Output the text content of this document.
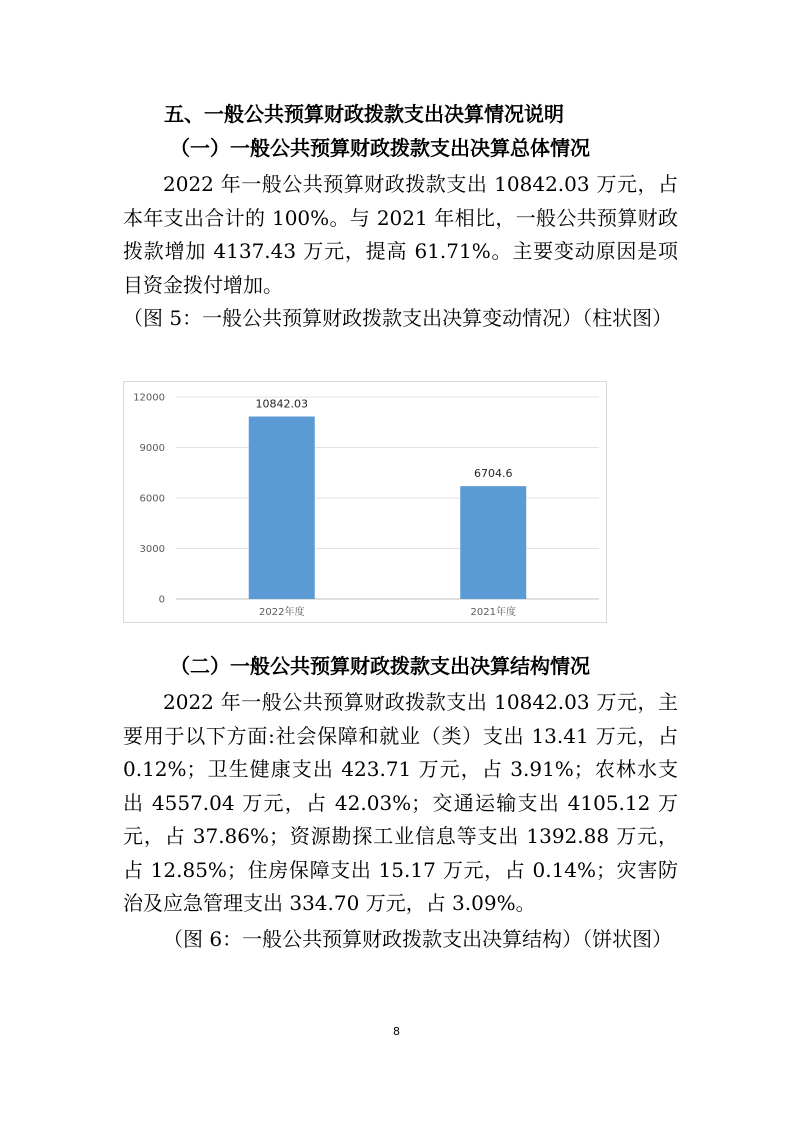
五、一般公共预算财政拨款支出决算情况说明
（一）一般公共预算财政拨款支出决算总体情况
2022 年一般公共预算财政拨款支出 10842.03 万元，占本年支出合计的 100%。与 2021 年相比，一般公共预算财政拨款增加 4137.43 万元，提高 61.71%。主要变动原因是项目资金拨付增加。
（图 5：一般公共预算财政拨款支出决算变动情况）（柱状图）
0
3000
6000
9000
12000	10842.03
2022年度
6704.6
2021年度
（二）一般公共预算财政拨款支出决算结构情况
2022 年一般公共预算财政拨款支出 10842.03 万元，主要用于以下方面:社会保障和就业（类）支出 13.41 万元，占 0.12%；卫生健康支出 423.71 万元，占 3.91%；农林水支出 4557.04 万元，占 42.03%；交通运输支出 4105.12 万元，占 37.86%；资源勘探工业信息等支出 1392.88 万元，占 12.85%；住房保障支出 15.17 万元，占 0.14%；灾害防治及应急管理支出 334.70 万元，占 3.09%。
（图 6：一般公共预算财政拨款支出决算结构）（饼状图）
8
